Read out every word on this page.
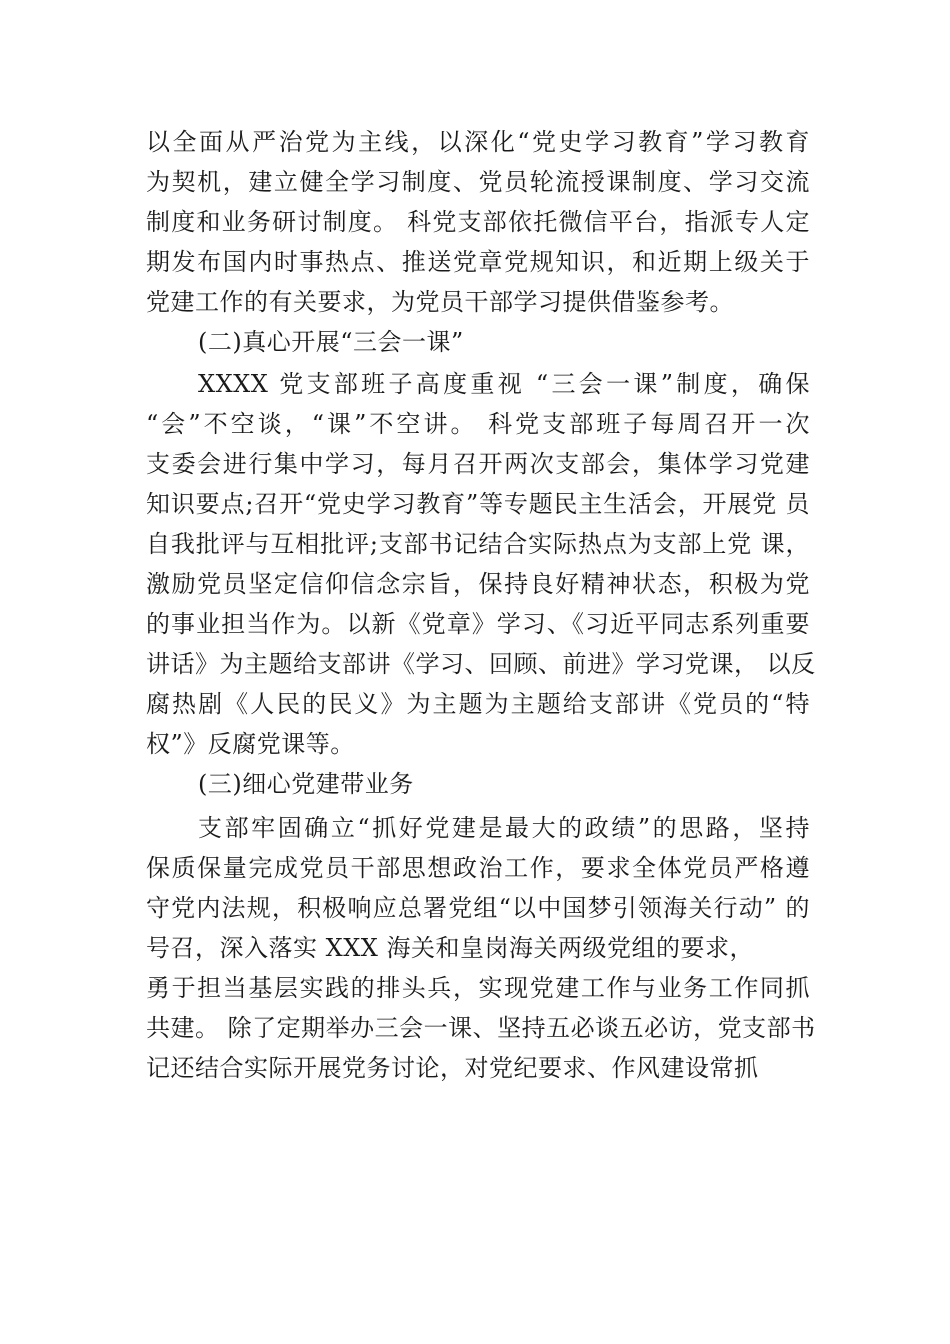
以全面从严治党为主线，以深化“党史学习教育”学习教育
为契机，建立健全学习制度、党员轮流授课制度、学习交流
制度和业务研讨制度。 科党支部依托微信平台，指派专人定
期发布国内时事热点、推送党章党规知识，和近期上级关于
党建工作的有关要求，为党员干部学习提供借鉴参考。
(二)真心开展“三会一课”
XXXX 党支部班子高度重视 “三会一课”制度，确保
“会”不空谈，“课”不空讲。 科党支部班子每周召开一次
支委会进行集中学习，每月召开两次支部会，集体学习党建
知识要点;召开“党史学习教育”等专题民主生活会，开展党 员
自我批评与互相批评;支部书记结合实际热点为支部上党 课，
激励党员坚定信仰信念宗旨，保持良好精神状态，积极为党
的事业担当作为。以新《党章》学习、《习近平同志系列重要
讲话》为主题给支部讲《学习、回顾、前进》学习党课， 以反
腐热剧《人民的民义》为主题为主题给支部讲《党员的“特
权”》反腐党课等。
(三)细心党建带业务
支部牢固确立“抓好党建是最大的政绩”的思路，坚持
保质保量完成党员干部思想政治工作，要求全体党员严格遵
守党内法规，积极响应总署党组“以中国梦引领海关行动” 的
号召，深入落实 XXX 海关和皇岗海关两级党组的要求，
勇于担当基层实践的排头兵，实现党建工作与业务工作同抓
共建。 除了定期举办三会一课、坚持五必谈五必访，党支部书
记还结合实际开展党务讨论，对党纪要求、作风建设常抓
